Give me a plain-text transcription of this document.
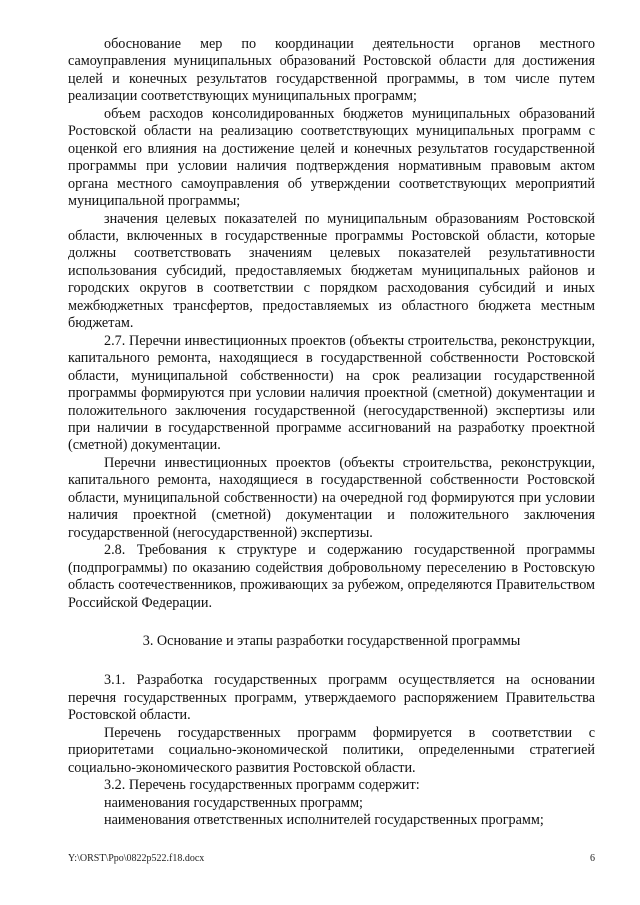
обоснование мер по координации деятельности органов местного самоуправления муниципальных образований Ростовской области для достижения целей и конечных результатов государственной программы, в том числе путем реализации соответствующих муниципальных программ;

объем расходов консолидированных бюджетов муниципальных образований Ростовской области на реализацию соответствующих муниципальных программ с оценкой его влияния на достижение целей и конечных результатов государственной программы при условии наличия подтверждения нормативным правовым актом органа местного самоуправления об утверждении соответствующих мероприятий муниципальной программы;

значения целевых показателей по муниципальным образованиям Ростовской области, включенных в государственные программы Ростовской области, которые должны соответствовать значениям целевых показателей результативности использования субсидий, предоставляемых бюджетам муниципальных районов и городских округов в соответствии с порядком расходования субсидий и иных межбюджетных трансфертов, предоставляемых из областного бюджета местным бюджетам.

2.7. Перечни инвестиционных проектов (объекты строительства, реконструкции, капитального ремонта, находящиеся в государственной собственности Ростовской области, муниципальной собственности) на срок реализации государственной программы формируются при условии наличия проектной (сметной) документации и положительного заключения государственной (негосударственной) экспертизы или при наличии в государственной программе ассигнований на разработку проектной (сметной) документации.

Перечни инвестиционных проектов (объекты строительства, реконструкции, капитального ремонта, находящиеся в государственной собственности Ростовской области, муниципальной собственности) на очередной год формируются при условии наличия проектной (сметной) документации и положительного заключения государственной (негосударственной) экспертизы.

2.8. Требования к структуре и содержанию государственной программы (подпрограммы) по оказанию содействия добровольному переселению в Ростовскую область соотечественников, проживающих за рубежом, определяются Правительством Российской Федерации.

3. Основание и этапы разработки государственной программы

3.1. Разработка государственных программ осуществляется на основании перечня государственных программ, утверждаемого распоряжением Правительства Ростовской области.

Перечень государственных программ формируется в соответствии с приоритетами социально-экономической политики, определенными стратегией социально-экономического развития Ростовской области.

3.2. Перечень государственных программ содержит:

наименования государственных программ;

наименования ответственных исполнителей государственных программ;

Y:\ORST\Ppo\0822p522.f18.docx	6
